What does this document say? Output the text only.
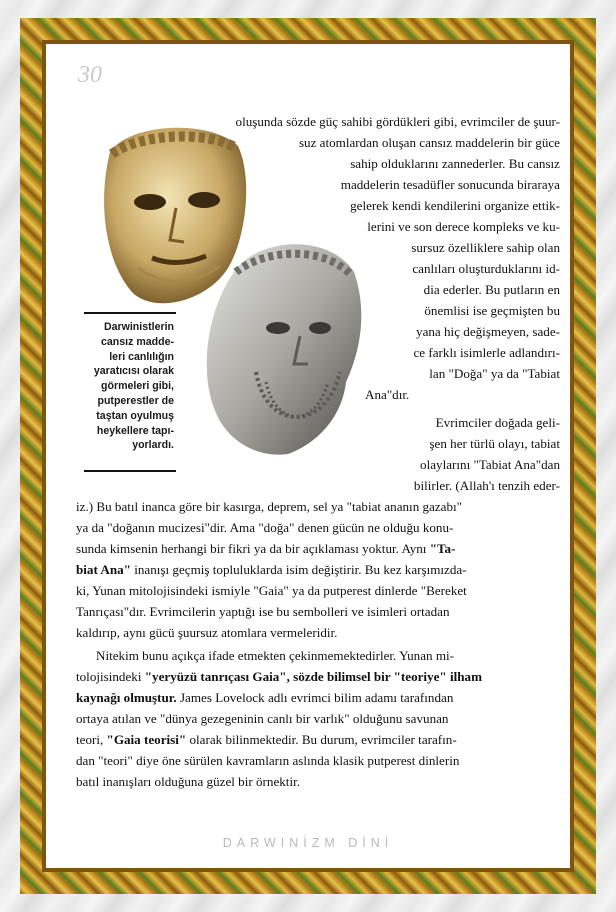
30
Darwinistlerin
cansız madde-
leri canlılığın
yaratıcısı olarak
görmeleri gibi,
putperestler de
taştan oyulmuş
heykellere tapı-
yorlardı.
oluşunda sözde güç sahibi gördükleri gibi, evrimciler de şuur-
suz atomlardan oluşan cansız maddelerin bir güce
sahip olduklarını zannederler. Bu cansız
maddelerin tesadüfler sonucunda biraraya
gelerek kendi kendilerini organize ettik-
lerini ve son derece kompleks ve ku-
sursuz özelliklere sahip olan
canlıları oluşturduklarını id-
dia ederler. Bu putların en
önemlisi ise geçmişten bu
yana hiç değişmeyen, sade-
ce farklı isimlerle adlandırı-
lan "Doğa" ya da "Tabiat
Ana"dır.
Evrimciler doğada geli-
şen her türlü olayı, tabiat
olaylarını "Tabiat Ana"dan
bilirler. (Allah'ı tenzih eder-
iz.) Bu batıl inanca göre bir kasırga, deprem, sel ya "tabiat ananın gazabı"
ya da "doğanın mucizesi"dir. Ama "doğa" denen gücün ne olduğu konu-
sunda kimsenin herhangi bir fikri ya da bir açıklaması yoktur. Aynı "Ta-
biat Ana" inanışı geçmiş topluluklarda isim değiştirir. Bu kez karşımızda-
ki, Yunan mitolojisindeki ismiyle "Gaia" ya da putperest dinlerde "Bereket
Tanrıçası"dır. Evrimcilerin yaptığı ise bu sembolleri ve isimleri ortadan
kaldırıp, aynı gücü şuursuz atomlara vermeleridir.
Nitekim bunu açıkça ifade etmekten çekinmemektedirler. Yunan mi-
tolojisindeki "yeryüzü tanrıçası Gaia", sözde bilimsel bir "teoriye" ilham
kaynağı olmuştur. James Lovelock adlı evrimci bilim adamı tarafından
ortaya atılan ve "dünya gezegeninin canlı bir varlık" olduğunu savunan
teori, "Gaia teorisi" olarak bilinmektedir. Bu durum, evrimciler tarafın-
dan "teori" diye öne sürülen kavramların aslında klasik putperest dinlerin
batıl inanışları olduğuna güzel bir örnektir.
DARWINİZM DİNİ
